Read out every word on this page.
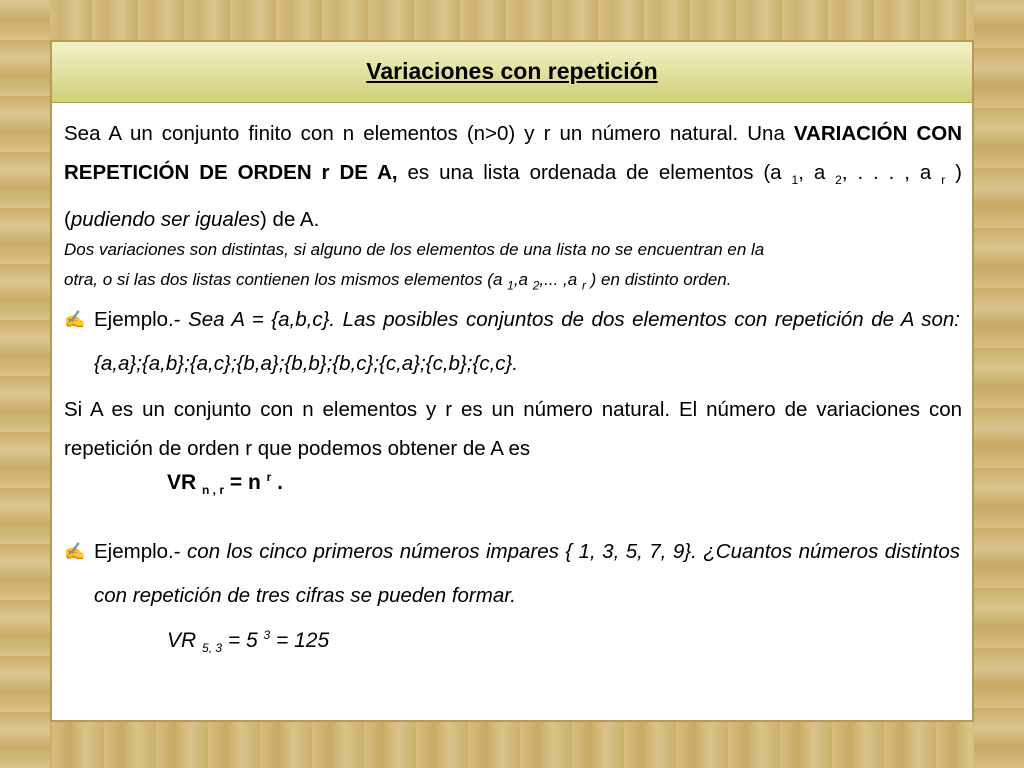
Variaciones con repetición
Sea A un conjunto finito con n elementos (n>0) y r un número natural. Una VARIACIÓN CON REPETICIÓN DE ORDEN r DE A, es una lista ordenada de elementos (a $_1$, a $_2$, . . . , a $_r$ ) (pudiendo ser iguales) de A.
Dos variaciones son distintas, si alguno de los elementos de una lista no se encuentran en la
otra, o si las dos listas contienen los mismos elementos (a $_1$,a $_2$,... ,a $_r$ ) en distinto orden.
✍ Ejemplo.- Sea A = {a,b,c}. Las posibles conjuntos de dos elementos con repetición de A son: {a,a};{a,b};{a,c};{b,a};{b,b};{b,c};{c,a};{c,b};{c,c}.
Si A es un conjunto con n elementos y r es un número natural. El número de variaciones con repetición de orden r que podemos obtener de A es
VR $_{n , r}$ = n $^r$ .
✍ Ejemplo.- con los cinco primeros números impares { 1, 3, 5, 7, 9}. ¿Cuantos números distintos con repetición de tres cifras se pueden formar.
VR $_{5, 3}$ = 5 $^3$ = 125
